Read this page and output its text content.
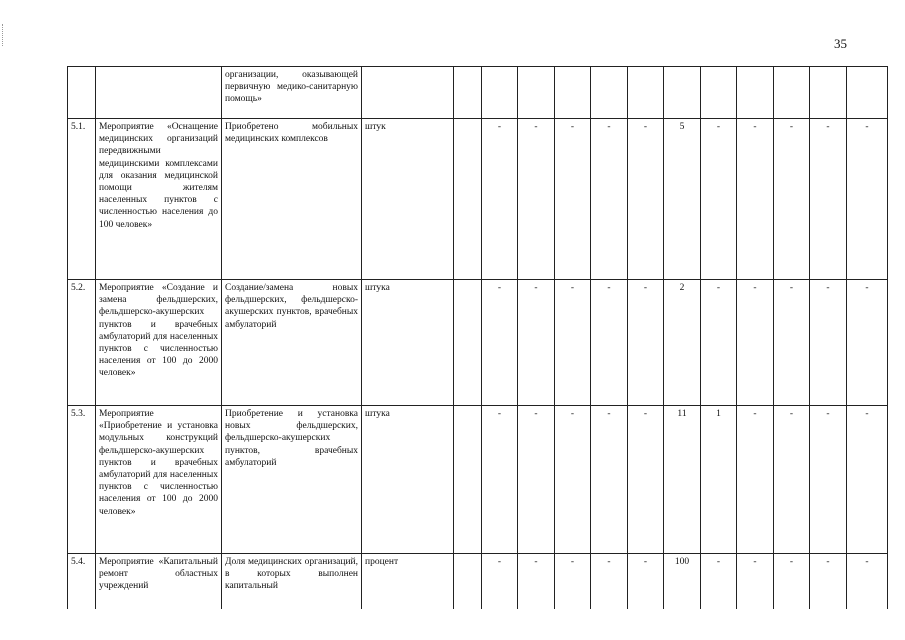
35
		организации, оказывающей первичную медико-санитарную помощь»													
5.1.	Мероприятие «Оснащение медицинских организаций передвижными медицинскими комплексами для оказания медицинской помощи жителям населенных пунктов с численностью населения до 100 человек»	Приобретено мобильных медицинских комплексов	штук		-	-	-	-	-	5	-	-	-	-	-
5.2.	Мероприятие «Создание и замена фельдшерских, фельдшерско-акушерских пунктов и врачебных амбулаторий для населенных пунктов с численностью населения от 100 до 2000 человек»	Создание/замена новых фельдшерских, фельдшерско-акушерских пунктов, врачебных амбулаторий	штука		-	-	-	-	-	2	-	-	-	-	-
5.3.	Мероприятие «Приобретение и установка модульных конструкций фельдшерско-акушерских пунктов и врачебных амбулаторий для населенных пунктов с численностью населения от 100 до 2000 человек»	Приобретение и установка новых фельдшерских, фельдшерско-акушерских пунктов, врачебных амбулаторий	штука		-	-	-	-	-	11	1	-	-	-	-
5.4.	Мероприятие «Капитальный ремонт областных учреждений	Доля медицинских организаций, в которых выполнен капитальный	процент		-	-	-	-	-	100	-	-	-	-	-
